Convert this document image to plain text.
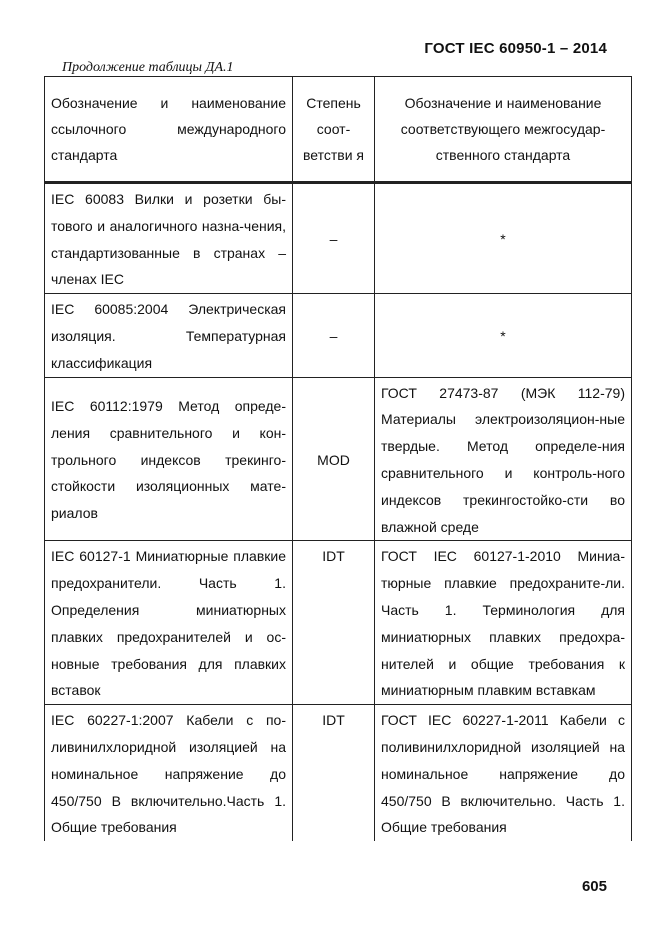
ГОСТ IEC 60950-1 – 2014
Продолжение таблицы ДА.1
Обозначение и наименование ссылочного международного стандарта	Степень соот-ветстви я	Обозначение и наименование соответствующего межгосудар-ственного стандарта
IEC 60083 Вилки и розетки бы-тового и аналогичного назна-чения, стандартизованные в странах – членах IEC	–	*
IEC 60085:2004 Электрическая изоляция. Температурная классификация	–	*
IEC 60112:1979 Метод опреде-ления сравнительного и кон-трольного индексов трекинго-стойкости изоляционных мате-риалов	MOD	ГОСТ 27473-87 (МЭК 112-79) Материалы электроизоляцион-ные твердые. Метод определе-ния сравнительного и контроль-ного индексов трекингостойко-сти во влажной среде
IEC 60127-1 Миниатюрные плавкие предохранители. Часть 1. Определения миниатюрных плавких предохранителей и ос-новные требования для плавких вставок	IDT	ГОСТ IEC 60127-1-2010 Миниа-тюрные плавкие предохраните-ли. Часть 1. Терминология для миниатюрных плавких предохра-нителей и общие требования к миниатюрным плавким вставкам
IEC 60227-1:2007 Кабели с по-ливинилхлоридной изоляцией на номинальное напряжение до 450/750 В включительно.Часть 1. Общие требования	IDT	ГОСТ IEC 60227-1-2011 Кабели с поливинилхлоридной изоляцией на номинальное напряжение до 450/750 В включительно. Часть 1. Общие требования
605
